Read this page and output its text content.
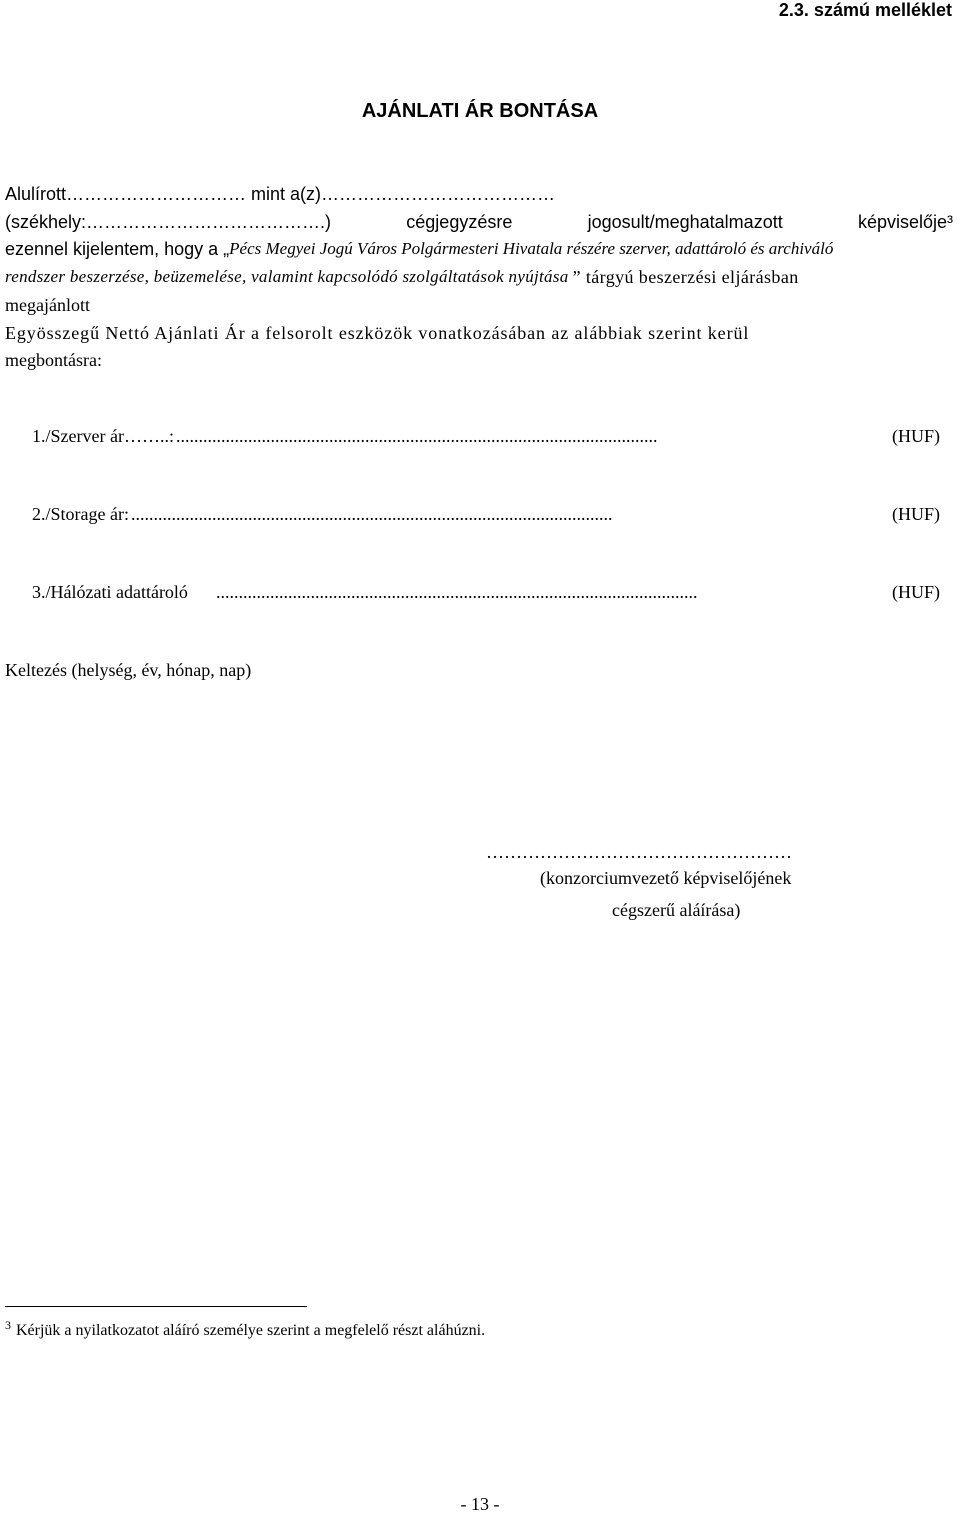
2.3. számú melléklet
AJÁNLATI ÁR BONTÁSA
Alulírott………………………… mint a(z)…………………………………
(székhely:………………………………….)	cégjegyzésre	jogosult/meghatalmazott	képviselője³
ezennel kijelentem, hogy a „ Pécs Megyei Jogú Város Polgármesteri Hivatala részére szerver, adattároló és archiváló
rendszer beszerzése, beüzemelése, valamint kapcsolódó szolgáltatások nyújtása ” tárgyú beszerzési eljárásban
megajánlott
Egyösszegű Nettó Ajánlati Ár a felsorolt eszközök vonatkozásában az alábbiak szerint kerül
megbontásra:
1./Szerver ár……..: ...........................................................................................................	(HUF)
2./Storage ár: ...........................................................................................................	(HUF)
3./Hálózati adattároló ...........................................................................................................	(HUF)
Keltezés (helység, év, hónap, nap)
……………………………………………
(konzorciumvezető képviselőjének
cégszerű aláírása)
3 Kérjük a nyilatkozatot aláíró személye szerint a megfelelő részt aláhúzni.
- 13 -
